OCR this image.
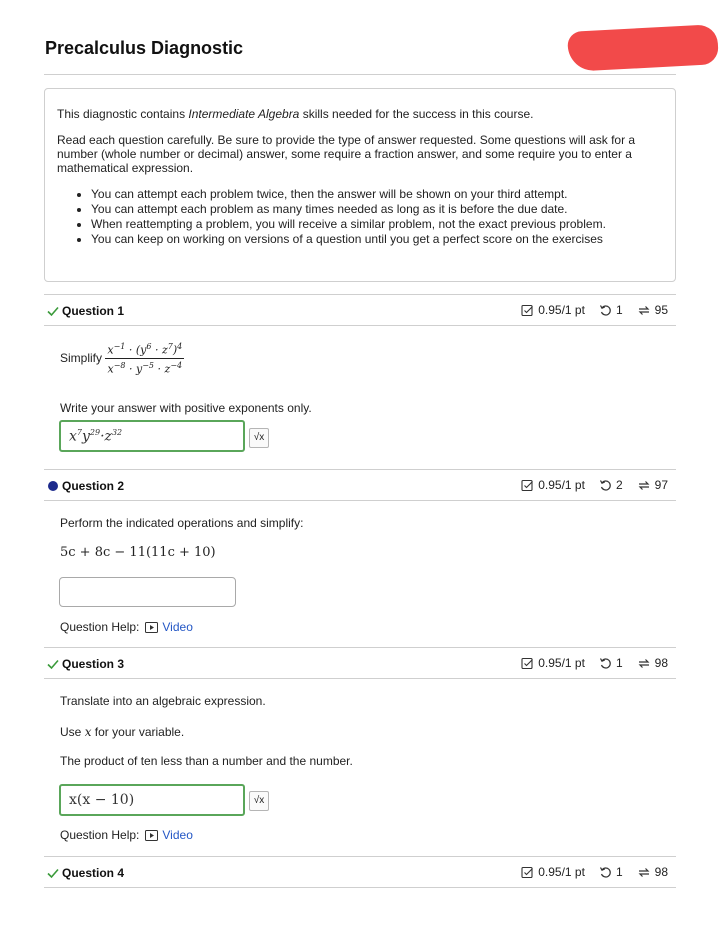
Precalculus Diagnostic

This diagnostic contains Intermediate Algebra skills needed for the success in this course.

Read each question carefully. Be sure to provide the type of answer requested. Some questions will ask for a number (whole number or decimal) answer, some require a fraction answer, and some require you to enter a mathematical expression.

• You can attempt each problem twice, then the answer will be shown on your third attempt.
• You can attempt each problem as many times needed as long as it is before the due date.
• When reattempting a problem, you will receive a similar problem, not the exact previous problem.
• You can keep on working on versions of a question until you get a perfect score on the exercises
Question 1	0.95/1 pt	1	95
Simplify $\frac{x^{-1} \cdot (y^6 \cdot z^7)^4}{x^{-8} \cdot y^{-5} \cdot z^{-4}}$
Write your answer with positive exponents only.
$x^7y^{29}\cdot z^{32}$	√x
Question 2	0.95/1 pt	2	97
Perform the indicated operations and simplify:
5c + 8c − 11(11c + 10)
Question Help: Video
Question 3	0.95/1 pt	1	98
Translate into an algebraic expression.
Use x for your variable.
The product of ten less than a number and the number.
x(x − 10)	√x
Question Help: Video
Question 4	0.95/1 pt	1	98
